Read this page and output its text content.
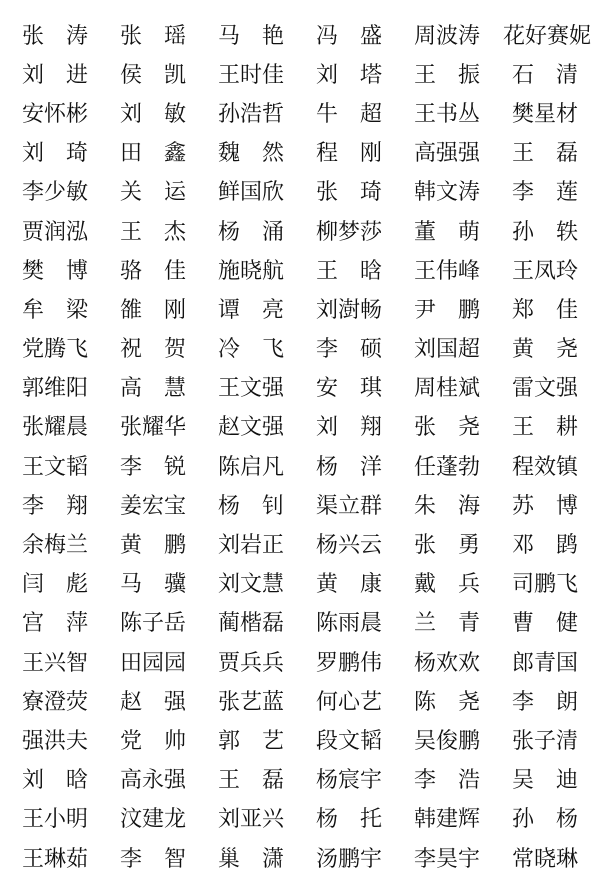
张 涛 张 瑶 马 艳 冯 盛 周 波 涛 花 好 赛 妮
刘 进 侯 凯 王 时 佳 刘 塔 王 振 石 清
安 怀 彬 刘 敏 孙 浩 哲 牛 超 王 书 丛 樊 星 材
刘 琦 田 鑫 魏 然 程 刚 高 强 强 王 磊
李 少 敏 关 运 鲜 国 欣 张 琦 韩 文 涛 李 莲
贾 润 泓 王 杰 杨 涌 柳 梦 莎 董 萌 孙 轶
樊 博 骆 佳 施 晓 航 王 晗 王 伟 峰 王 凤 玲
牟 梁 雒 刚 谭 亮 刘 澍 畅 尹 鹏 郑 佳
党 腾 飞 祝 贺 冷 飞 李 硕 刘 国 超 黄 尧
郭 维 阳 高 慧 王 文 强 安 琪 周 桂 斌 雷 文 强
张 耀 晨 张 耀 华 赵 文 强 刘 翔 张 尧 王 耕
王 文 韬 李 锐 陈 启 凡 杨 洋 任 蓬 勃 程 效 镇
李 翔 姜 宏 宝 杨 钊 渠 立 群 朱 海 苏 博
余 梅 兰 黄 鹏 刘 岩 正 杨 兴 云 张 勇 邓 鹍
闫 彪 马 骥 刘 文 慧 黄 康 戴 兵 司 鹏 飞
宫 萍 陈 子 岳 蔺 楷 磊 陈 雨 晨 兰 青 曹 健
王 兴 智 田 园 园 贾 兵 兵 罗 鹏 伟 杨 欢 欢 郎 青 国
寮 澄 荧 赵 强 张 艺 蓝 何 心 艺 陈 尧 李 朗
强 洪 夫 党 帅 郭 艺 段 文 韬 吴 俊 鹏 张 子 清
刘 晗 高 永 强 王 磊 杨 宸 宇 李 浩 吴 迪
王 小 明 汶 建 龙 刘 亚 兴 杨 托 韩 建 辉 孙 杨
王 琳 茹 李 智 巢 潇 汤 鹏 宇 李 昊 宇 常 晓 琳
